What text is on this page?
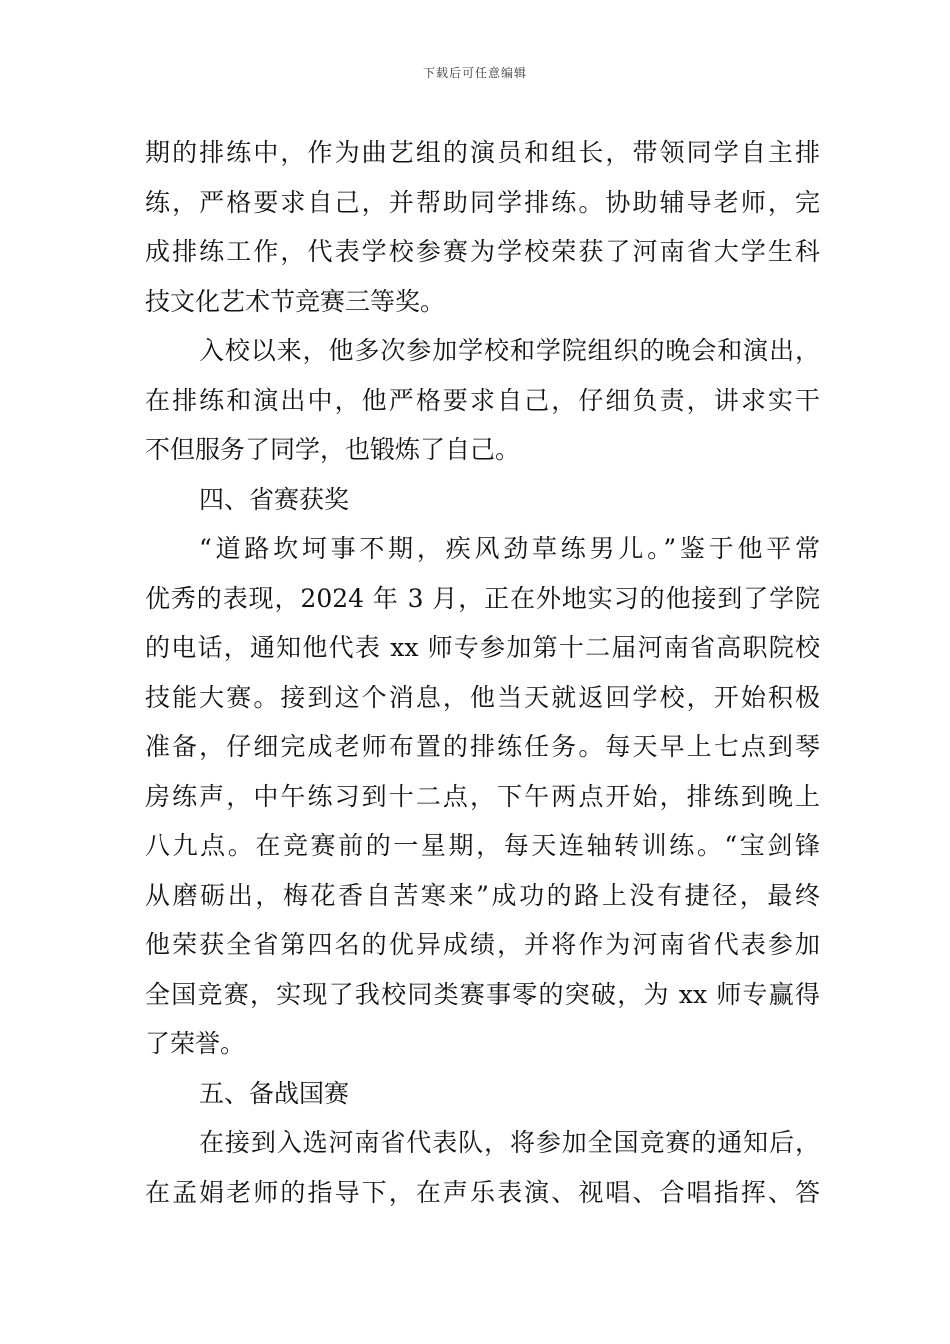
下载后可任意编辑
期的排练中，作为曲艺组的演员和组长，带领同学自主排
练，严格要求自己，并帮助同学排练。协助辅导老师，完
成排练工作，代表学校参赛为学校荣获了河南省大学生科
技文化艺术节竞赛三等奖。
入校以来，他多次参加学校和学院组织的晚会和演出，
在排练和演出中，他严格要求自己，仔细负责，讲求实干
不但服务了同学，也锻炼了自己。
四、省赛获奖
“道路坎坷事不期，疾风劲草练男儿。”鉴于他平常
优秀的表现，2024 年 3 月，正在外地实习的他接到了学院
的电话，通知他代表 xx 师专参加第十二届河南省高职院校
技能大赛。接到这个消息，他当天就返回学校，开始积极
准备，仔细完成老师布置的排练任务。每天早上七点到琴
房练声，中午练习到十二点，下午两点开始，排练到晚上
八九点。在竞赛前的一星期，每天连轴转训练。“宝剑锋
从磨砺出，梅花香自苦寒来”成功的路上没有捷径，最终
他荣获全省第四名的优异成绩，并将作为河南省代表参加
全国竞赛，实现了我校同类赛事零的突破，为 xx 师专赢得
了荣誉。
五、备战国赛
在接到入选河南省代表队，将参加全国竞赛的通知后，
在孟娟老师的指导下，在声乐表演、视唱、合唱指挥、答
